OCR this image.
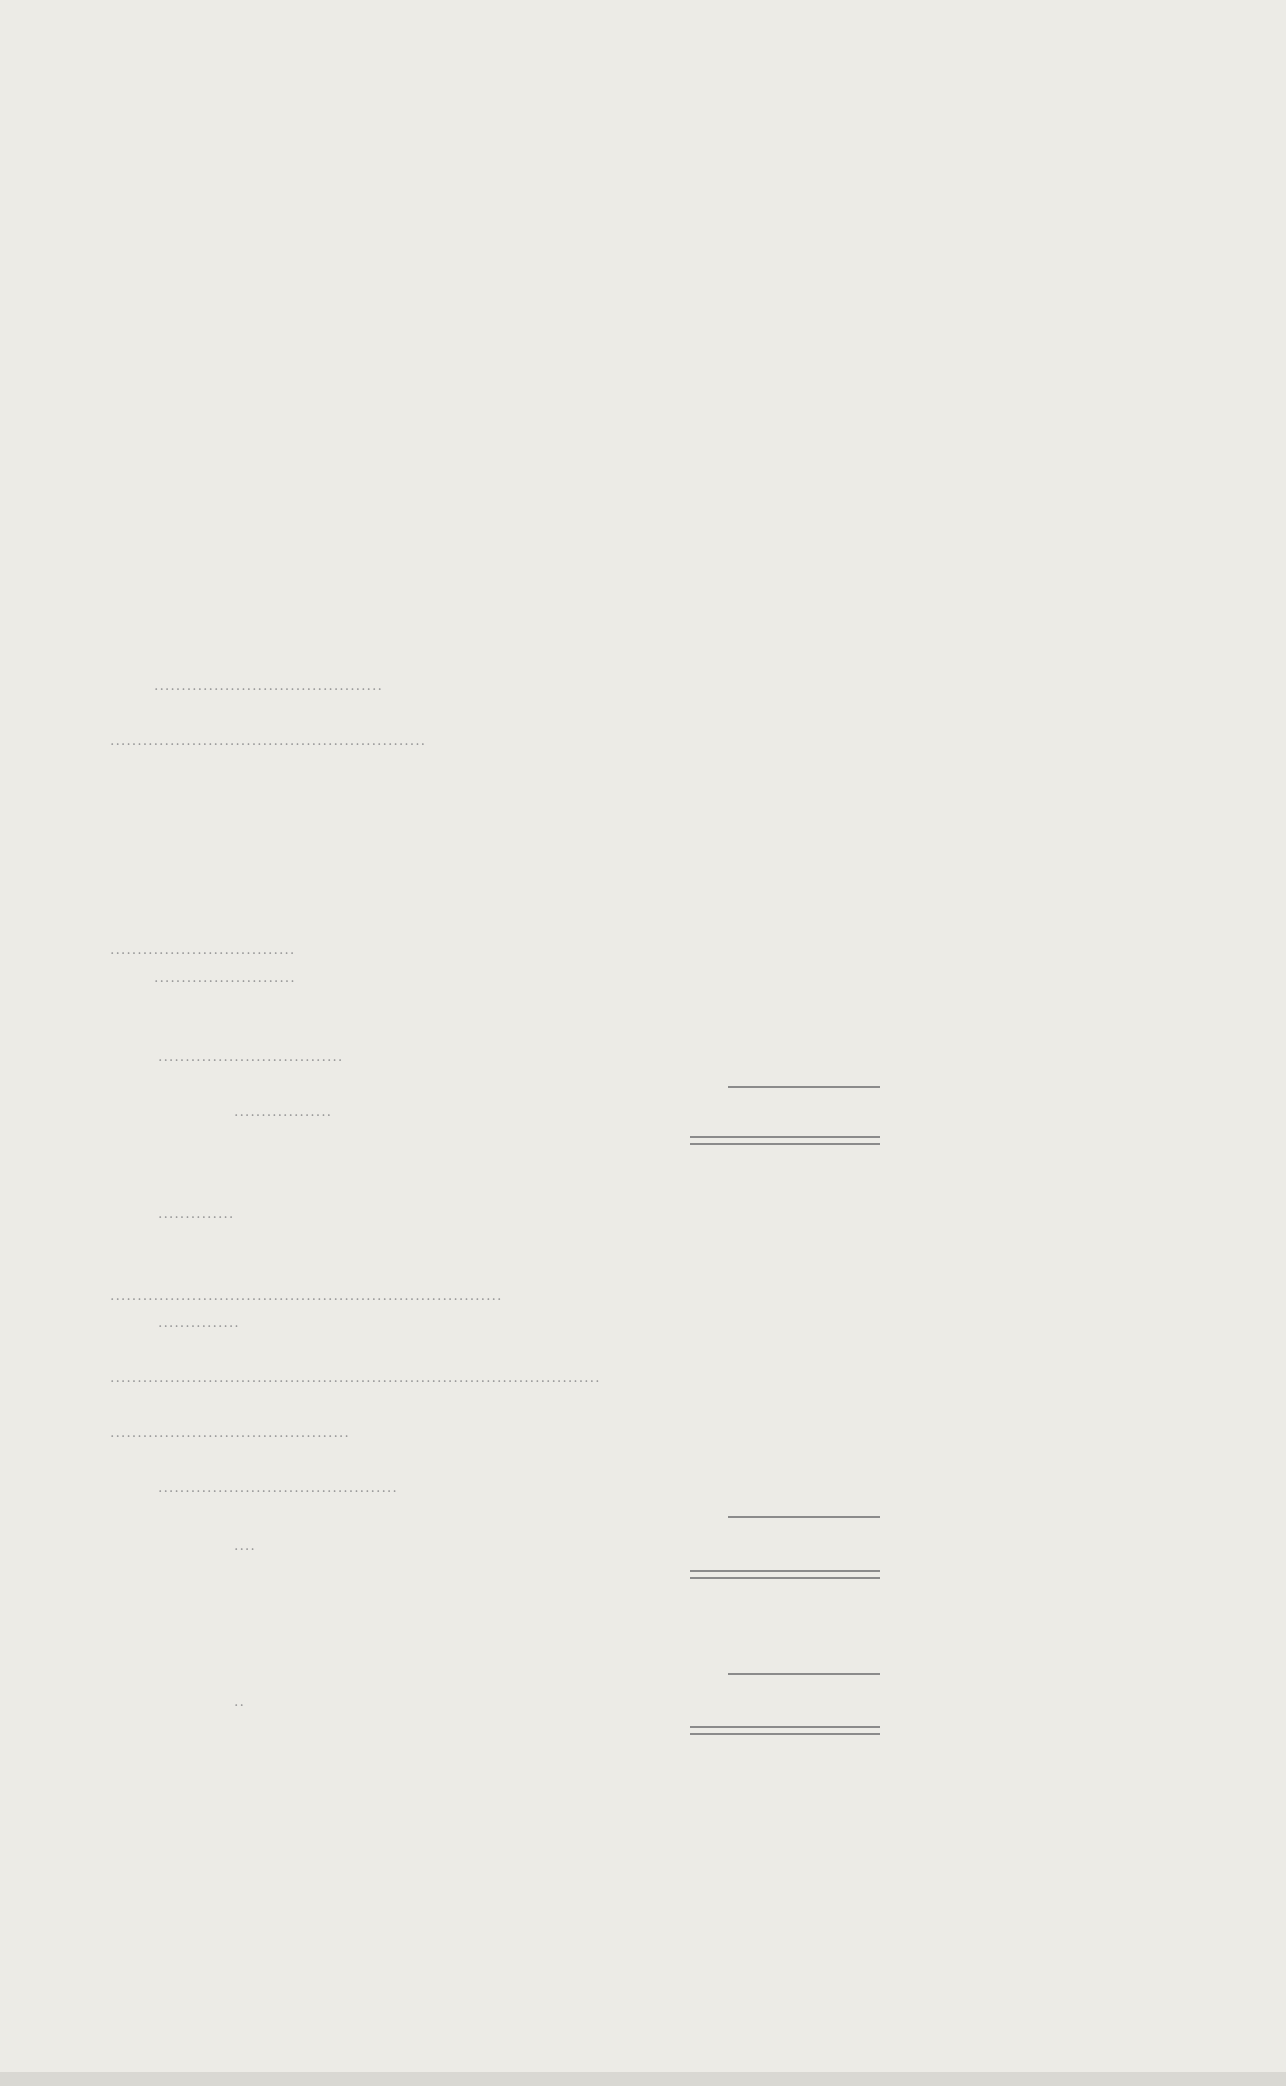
..........................................
..........................................................
..................................
..........................
..................................
..................
..............
........................................................................
...............
..........................................................................................
............................................
............................................
....
..
